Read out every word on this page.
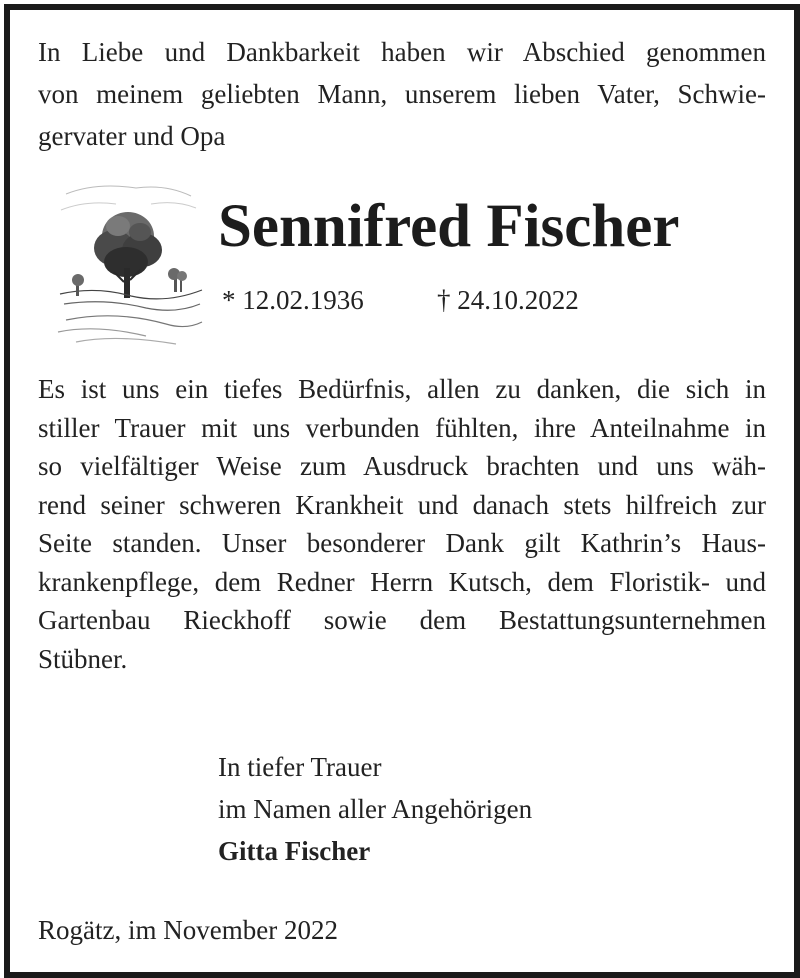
In Liebe und Dankbarkeit haben wir Abschied genommen
von meinem geliebten Mann, unserem lieben Vater, Schwie-
gervater und Opa
Sennifred Fischer
* 12.02.1936	† 24.10.2022
Es ist uns ein tiefes Bedürfnis, allen zu danken, die sich in
stiller Trauer mit uns verbunden fühlten, ihre Anteilnahme in
so vielfältiger Weise zum Ausdruck brachten und uns wäh-
rend seiner schweren Krankheit und danach stets hilfreich zur
Seite standen. Unser besonderer Dank gilt Kathrin’s Haus-
krankenpflege, dem Redner Herrn Kutsch, dem Floristik- und
Gartenbau Rieckhoff sowie dem Bestattungsunternehmen
Stübner.
In tiefer Trauer
im Namen aller Angehörigen
Gitta Fischer
Rogätz, im November 2022
